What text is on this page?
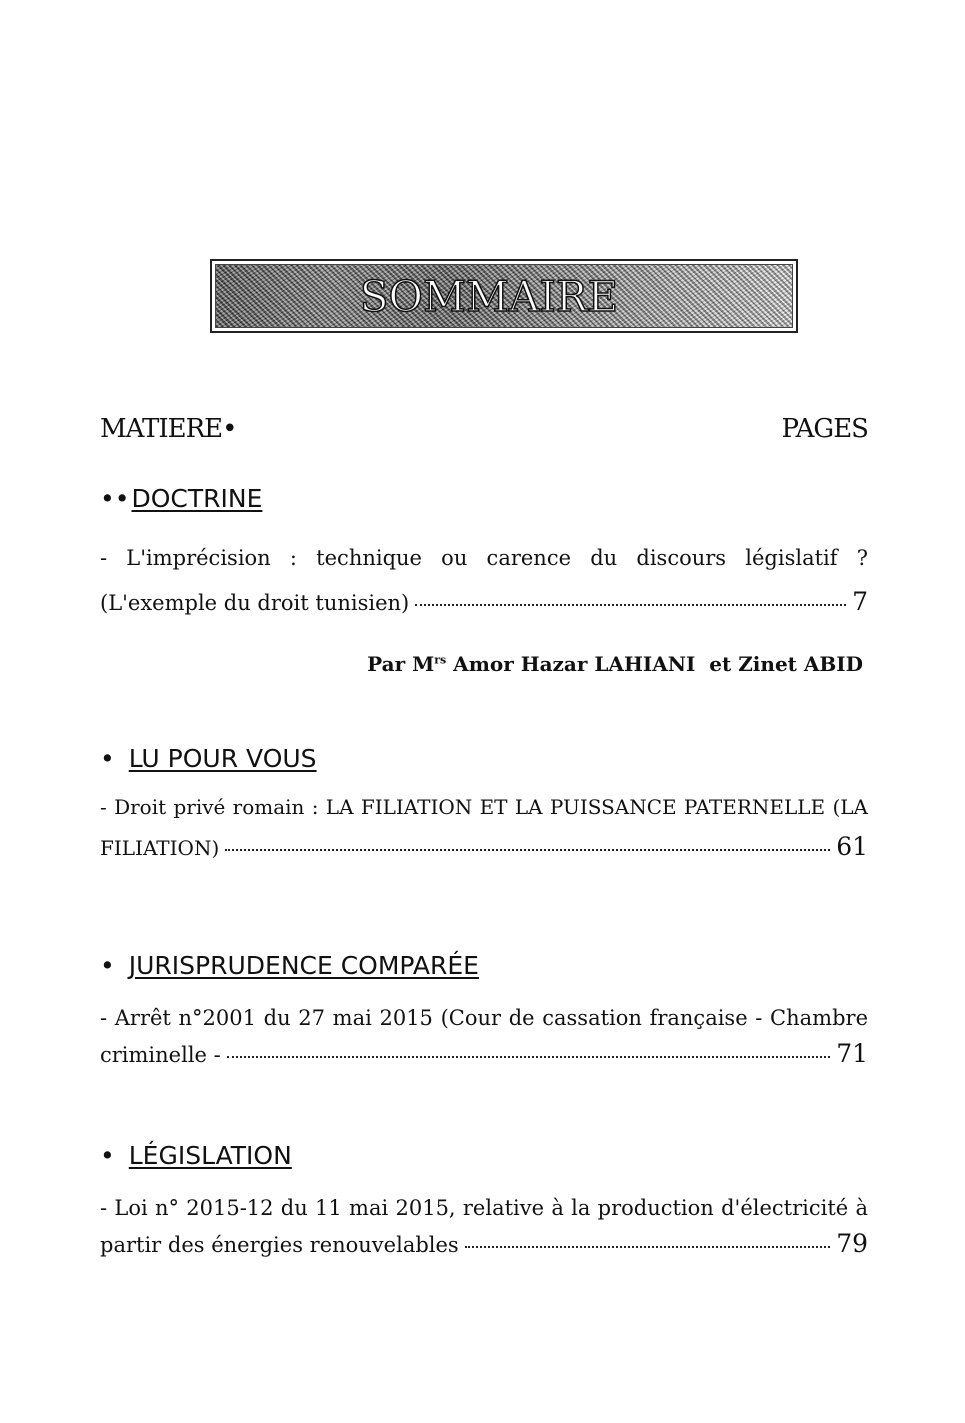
SOMMAIRE
MATIERE•	PAGES
••DOCTRINE
- L'imprécision : technique ou carence du discours législatif ?
(L'exemple du droit tunisien)	7
Par $M^{rs}$ Amor Hazar LAHIANI  et Zinet ABID
• LU POUR VOUS
- Droit privé romain : LA FILIATION ET LA PUISSANCE PATERNELLE (LA
FILIATION)	61
• JURISPRUDENCE COMPARÉE
- Arrêt n°2001 du 27 mai 2015 (Cour de cassation française - Chambre
criminelle -	71
• LÉGISLATION
- Loi n° 2015-12 du 11 mai 2015, relative à la production d'électricité à
partir des énergies renouvelables	79
